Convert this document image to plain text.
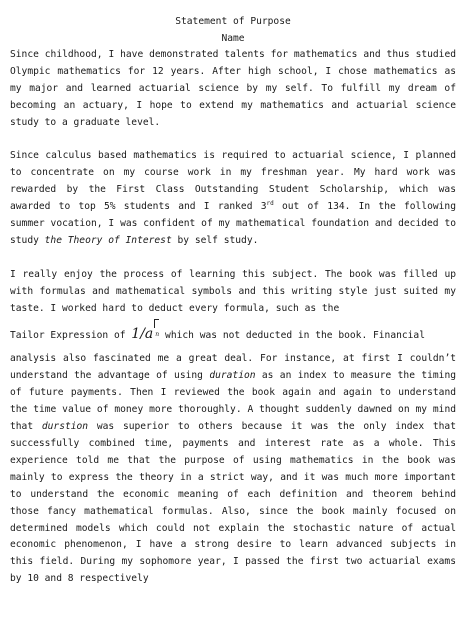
Statement of Purpose
Name

Since childhood, I have demonstrated talents for mathematics and thus studied Olympic mathematics for 12 years. After high school, I chose mathematics as my major and learned actuarial science by my self. To fulfill my dream of becoming an actuary, I hope to extend my mathematics and actuarial science study to a graduate level.

Since calculus based mathematics is required to actuarial science, I planned to concentrate on my course work in my freshman year. My hard work was rewarded by the First Class Outstanding Student Scholarship, which was awarded to top 5% students and I ranked 3rd out of 134. In the following summer vocation, I was confident of my mathematical foundation and decided to study the Theory of Interest by self study.

I really enjoy the process of learning this subject. The book was filled up with formulas and mathematical symbols and this writing style just suited my taste. I worked hard to deduct every formula, such as the

Tailor Expression of 1/a $^n$ which was not deducted in the book. Financial

analysis also fascinated me a great deal. For instance, at first I couldn’t understand the advantage of using duration as an index to measure the timing of future payments. Then I reviewed the book again and again to understand the time value of money more thoroughly. A thought suddenly dawned on my mind that durstion was superior to others because it was the only index that successfully combined time, payments and interest rate as a whole. This experience told me that the purpose of using mathematics in the book was mainly to express the theory in a strict way, and it was much more important to understand the economic meaning of each definition and theorem behind those fancy mathematical formulas. Also, since the book mainly focused on determined models which could not explain the stochastic nature of actual economic phenomenon, I have a strong desire to learn advanced subjects in this field. During my sophomore year, I passed the first two actuarial exams by 10 and 8 respectively
